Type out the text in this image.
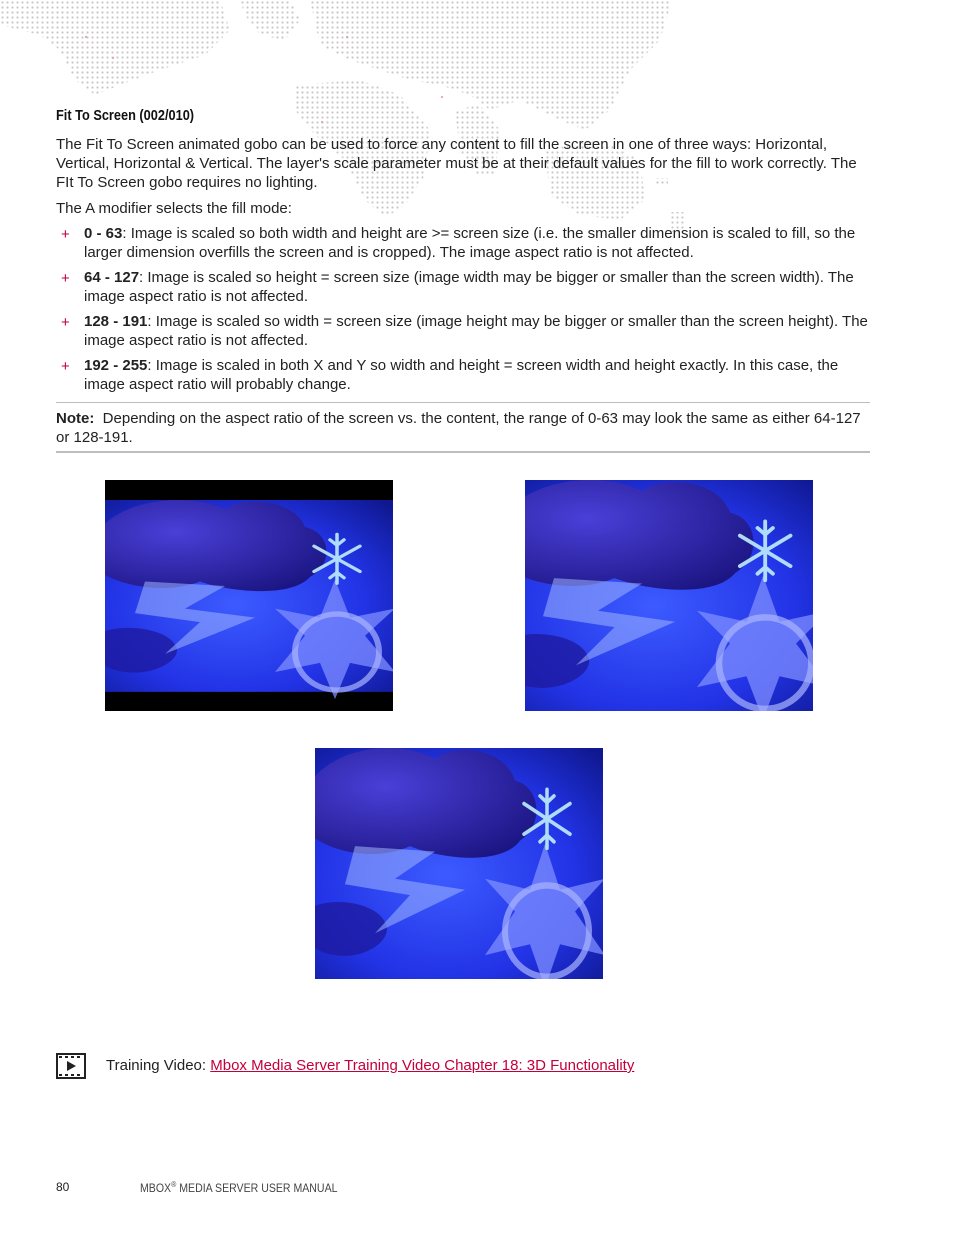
Fit To Screen (002/010)
The Fit To Screen animated gobo can be used to force any content to fill the screen in one of three ways: Horizontal, Vertical, Horizontal & Vertical. The layer's scale parameter must be at their default values for the fill to work correctly. The FIt To Screen gobo requires no lighting.
The A modifier selects the fill mode:
+ 0 - 63: Image is scaled so both width and height are >= screen size (i.e. the smaller dimension is scaled to fill, so the larger dimension overfills the screen and is cropped). The image aspect ratio is not affected.
+ 64 - 127: Image is scaled so height = screen size (image width may be bigger or smaller than the screen width). The image aspect ratio is not affected.
+ 128 - 191: Image is scaled so width = screen size (image height may be bigger or smaller than the screen height). The image aspect ratio is not affected.
+ 192 - 255: Image is scaled in both X and Y so width and height = screen width and height exactly. In this case, the image aspect ratio will probably change.
Note: Depending on the aspect ratio of the screen vs. the content, the range of 0-63 may look the same as either 64-127 or 128-191.
Training Video: Mbox Media Server Training Video Chapter 18: 3D Functionality
80	MBOX® MEDIA SERVER USER MANUAL
